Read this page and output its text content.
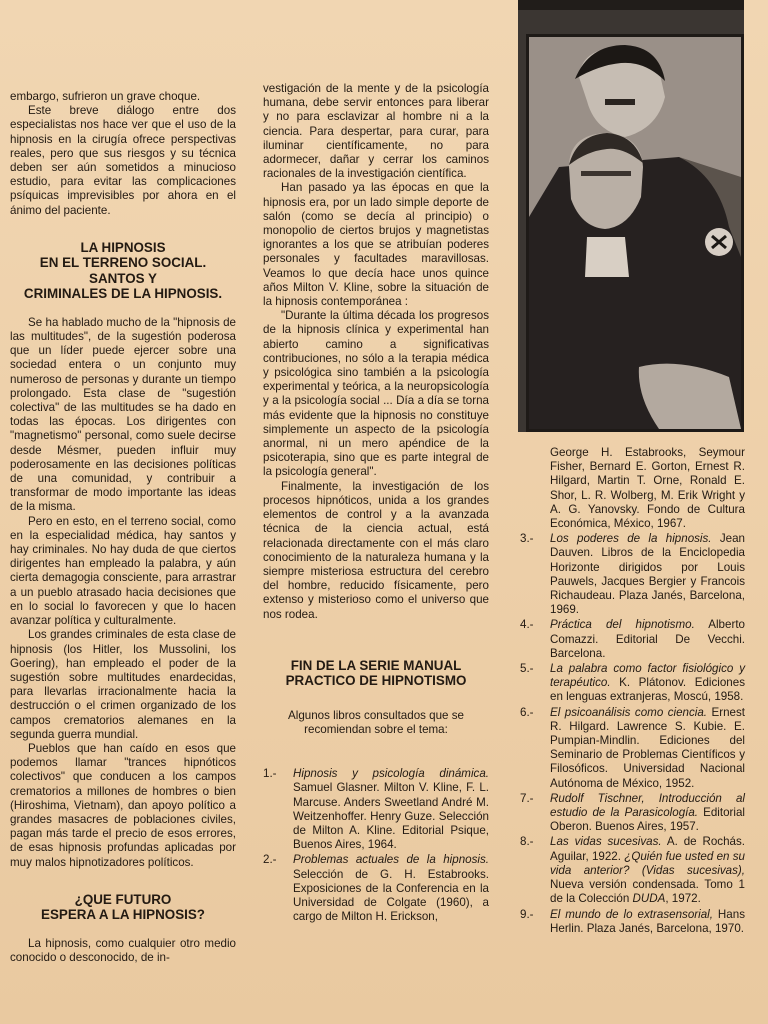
embargo, sufrieron un grave choque.

Este breve diálogo entre dos especialistas nos hace ver que el uso de la hipnosis en la cirugía ofrece perspectivas reales, pero que sus riesgos y su técnica deben ser aún sometidos a minucioso estudio, para evitar las complicaciones psíquicas imprevisibles por ahora en el ánimo del paciente.

LA HIPNOSIS
EN EL TERRENO SOCIAL.
SANTOS Y
CRIMINALES DE LA HIPNOSIS.

Se ha hablado mucho de la "hipnosis de las multitudes", de la sugestión poderosa que un líder puede ejercer sobre una sociedad entera o un conjunto muy numeroso de personas y durante un tiempo prolongado. Esta clase de "sugestión colectiva" de las multitudes se ha dado en todas las épocas. Los dirigentes con "magnetismo" personal, como suele decirse desde Mésmer, pueden influir muy poderosamente en las decisiones políticas de una comunidad, y contribuir a transformar de modo importante las ideas de la misma.

Pero en esto, en el terreno social, como en la especialidad médica, hay santos y hay criminales. No hay duda de que ciertos dirigentes han empleado la palabra, y aún cierta demagogia consciente, para arrastrar a un pueblo atrasado hacia decisiones que en lo social lo favorecen y que lo hacen avanzar política y culturalmente.

Los grandes criminales de esta clase de hipnosis (los Hitler, los Mussolini, los Goering), han empleado el poder de la sugestión sobre multitudes enardecidas, para llevarlas irracionalmente hacia la destrucción o el crimen organizado de los campos crematorios alemanes en la segunda guerra mundial.

Pueblos que han caído en esos que podemos llamar "trances hipnóticos colectivos" que conducen a los campos crematorios a millones de hombres o bien (Hiroshima, Vietnam), dan apoyo político a grandes masacres de poblaciones civiles, pagan más tarde el precio de esos errores, de esas hipnosis profundas aplicadas por muy malos hipnotizadores políticos.

¿QUE FUTURO
ESPERA A LA HIPNOSIS?

La hipnosis, como cualquier otro medio conocido o desconocido, de in-

vestigación de la mente y de la psicología humana, debe servir entonces para liberar y no para esclavizar al hombre ni a la ciencia. Para despertar, para curar, para iluminar científicamente, no para adormecer, dañar y cerrar los caminos racionales de la investigación científica.

Han pasado ya las épocas en que la hipnosis era, por un lado simple deporte de salón (como se decía al principio) o monopolio de ciertos brujos y magnetistas ignorantes a los que se atribuían poderes personales y facultades maravillosas. Veamos lo que decía hace unos quince años Milton V. Kline, sobre la situación de la hipnosis contemporánea :

"Durante la última década los progresos de la hipnosis clínica y experimental han abierto camino a significativas contribuciones, no sólo a la terapia médica y psicológica sino también a la psicología experimental y teórica, a la neuropsicología y a la psicología social ... Día a día se torna más evidente que la hipnosis no constituye simplemente un aspecto de la psicología anormal, ni un mero apéndice de la psicoterapia, sino que es parte integral de la psicología general".

Finalmente, la investigación de los procesos hipnóticos, unida a los grandes elementos de control y a la avanzada técnica de la ciencia actual, está relacionada directamente con el más claro conocimiento de la naturaleza humana y la siempre misteriosa estructura del cerebro del hombre, reducido físicamente, pero extenso y misterioso como el universo que nos rodea.

FIN DE LA SERIE MANUAL
PRACTICO DE HIPNOTISMO

Algunos libros consultados que se recomiendan sobre el tema:

1.-	Hipnosis y psicología dinámica. Samuel Glasner. Milton V. Kline, F. L. Marcuse. Anders Sweetland André M. Weitzenhoffer. Henry Guze. Selección de Milton A. Kline. Editorial Psique, Buenos Aires, 1964.
2.-	Problemas actuales de la hipnosis. Selección de G. H. Estabrooks. Exposiciones de la Conferencia en la Universidad de Colgate (1960), a cargo de Milton H. Erickson,
George H. Estabrooks, Seymour Fisher, Bernard E. Gorton, Ernest R. Hilgard, Martin T. Orne, Ronald E. Shor, L. R. Wolberg, M. Erik Wright y A. G. Yanovsky. Fondo de Cultura Económica, México, 1967.
3.-	Los poderes de la hipnosis. Jean Dauven. Libros de la Enciclopedia Horizonte dirigidos por Louis Pauwels, Jacques Bergier y Francois Richaudeau. Plaza Janés, Barcelona, 1969.
4.-	Práctica del hipnotismo. Alberto Comazzi. Editorial De Vecchi. Barcelona.
5.-	La palabra como factor fisiológico y terapéutico. K. Plátonov. Ediciones en lenguas extranjeras, Moscú, 1958.
6.-	El psicoanálisis como ciencia. Ernest R. Hilgard. Lawrence S. Kubie. E. Pumpian-Mindlin. Ediciones del Seminario de Problemas Científicos y Filosóficos. Universidad Nacional Autónoma de México, 1952.
7.-	Rudolf Tischner, Introducción al estudio de la Parasicología. Editorial Oberon. Buenos Aires, 1957.
8.-	Las vidas sucesivas. A. de Rochás. Aguilar, 1922. ¿Quién fue usted en su vida anterior? (Vidas sucesivas), Nueva versión condensada. Tomo 1 de la Colección DUDA, 1972.
9.-	El mundo de lo extrasensorial, Hans Herlin. Plaza Janés, Barcelona, 1970.
